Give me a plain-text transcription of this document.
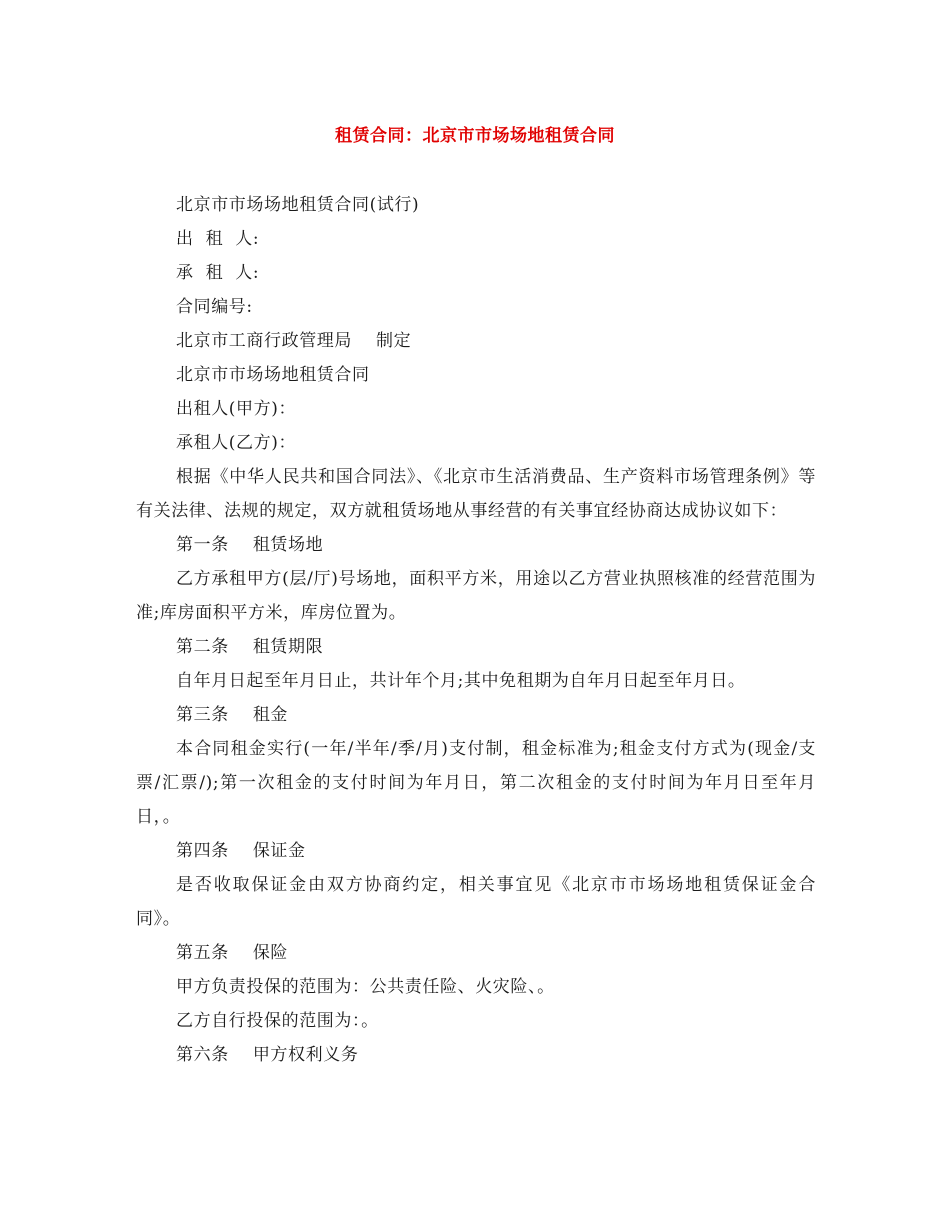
租赁合同：北京市市场场地租赁合同

北京市市场场地租赁合同(试行)

出  租  人:

承  租  人:

合同编号:

北京市工商行政管理局    制定

北京市市场场地租赁合同

出租人(甲方)：

承租人(乙方)：

根据《中华人民共和国合同法》、《北京市生活消费品、生产资料市场管理条例》等有关法律、法规的规定，双方就租赁场地从事经营的有关事宜经协商达成协议如下：

第一条    租赁场地

乙方承租甲方(层/厅)号场地，面积平方米，用途以乙方营业执照核准的经营范围为准;库房面积平方米，库房位置为。

第二条    租赁期限

自年月日起至年月日止，共计年个月;其中免租期为自年月日起至年月日。

第三条    租金

本合同租金实行(一年/半年/季/月)支付制，租金标准为;租金支付方式为(现金/支票/汇票/);第一次租金的支付时间为年月日，第二次租金的支付时间为年月日至年月日，。

第四条    保证金

是否收取保证金由双方协商约定，相关事宜见《北京市市场场地租赁保证金合同》。

第五条    保险

甲方负责投保的范围为：公共责任险、火灾险、。

乙方自行投保的范围为：。

第六条    甲方权利义务
